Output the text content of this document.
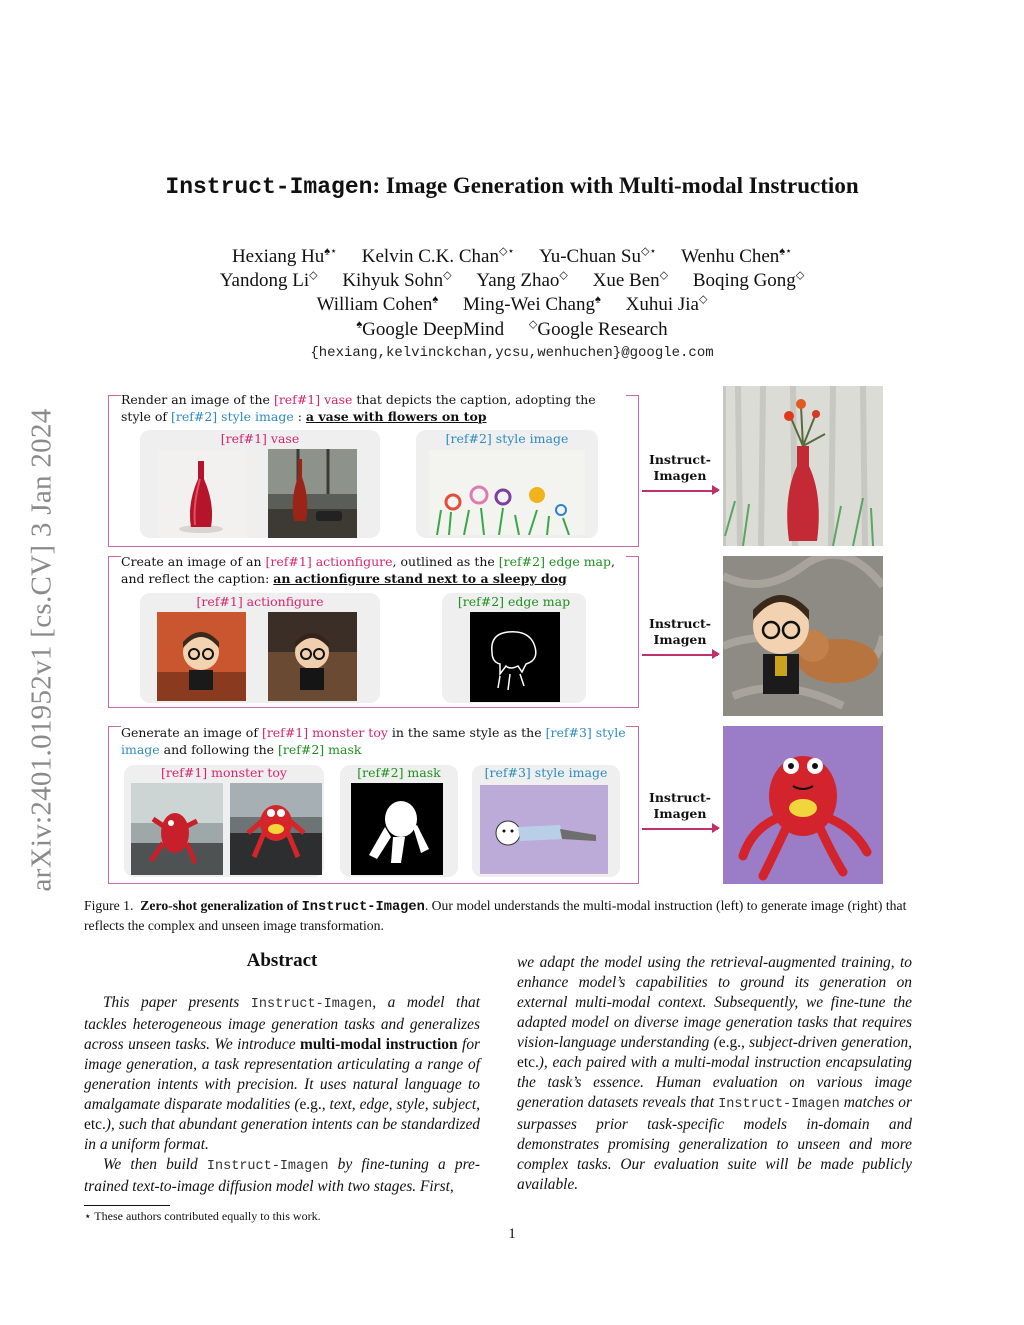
arXiv:2401.01952v1 [cs.CV] 3 Jan 2024
Instruct-Imagen: Image Generation with Multi-modal Instruction
Hexiang Hu♠⋆ Kelvin C.K. Chan◇⋆ Yu-Chuan Su◇⋆ Wenhu Chen♠⋆
Yandong Li◇ Kihyuk Sohn◇ Yang Zhao◇ Xue Ben◇ Boqing Gong◇
William Cohen♠ Ming-Wei Chang♠ Xuhui Jia◇
♠Google DeepMind ◇Google Research
{hexiang,kelvinckchan,ycsu,wenhuchen}@google.com
Render an image of the [ref#1] vase that depicts the caption, adopting the style of [ref#2] style image : a vase with flowers on top
[ref#1] vase	[ref#2] style image
Instruct-
Imagen
Create an image of an [ref#1] actionfigure, outlined as the [ref#2] edge map, and reflect the caption: an actionfigure stand next to a sleepy dog
[ref#1] actionfigure	[ref#2] edge map
Instruct-
Imagen
Generate an image of [ref#1] monster toy in the same style as the [ref#3] style image and following the [ref#2] mask
[ref#1] monster toy	[ref#2] mask	[ref#3] style image
Instruct-
Imagen
Figure 1. Zero-shot generalization of Instruct-Imagen. Our model understands the multi-modal instruction (left) to generate image (right) that reflects the complex and unseen image transformation.
Abstract

This paper presents Instruct-Imagen, a model that tackles heterogeneous image generation tasks and generalizes across unseen tasks. We introduce multi-modal instruction for image generation, a task representation articulating a range of generation intents with precision. It uses natural language to amalgamate disparate modalities (e.g., text, edge, style, subject, etc.), such that abundant generation intents can be standardized in a uniform format.

We then build Instruct-Imagen by fine-tuning a pre-trained text-to-image diffusion model with two stages. First,

we adapt the model using the retrieval-augmented training, to enhance model’s capabilities to ground its generation on external multi-modal context. Subsequently, we fine-tune the adapted model on diverse image generation tasks that requires vision-language understanding (e.g., subject-driven generation, etc.), each paired with a multi-modal instruction encapsulating the task’s essence. Human evaluation on various image generation datasets reveals that Instruct-Imagen matches or surpasses prior task-specific models in-domain and demonstrates promising generalization to unseen and more complex tasks. Our evaluation suite will be made publicly available.

⋆ These authors contributed equally to this work.
1
